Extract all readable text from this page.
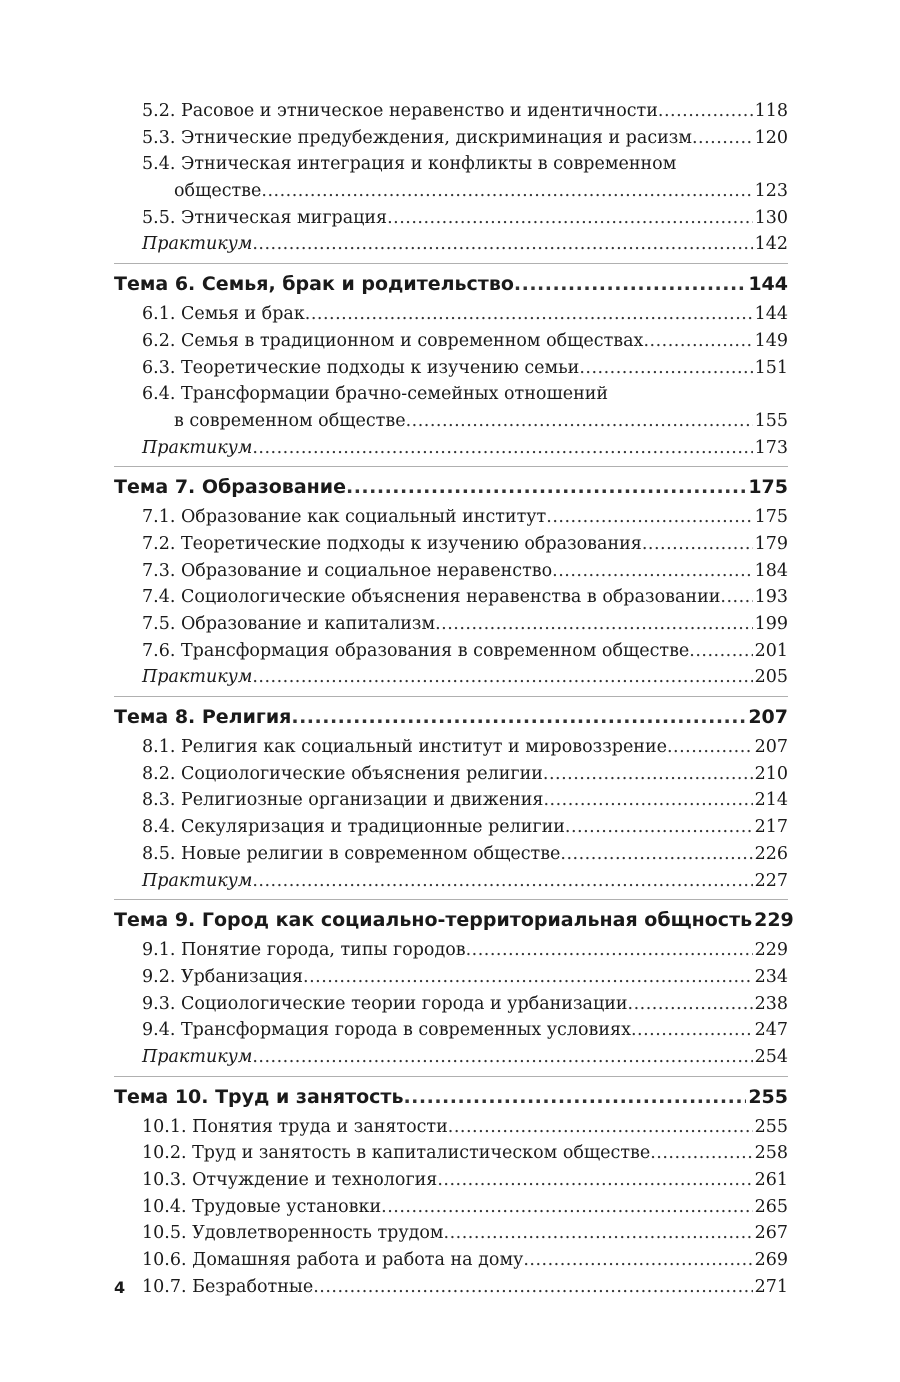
5.2. Расовое и этническое неравенство и идентичности .....	118
5.3. Этнические предубеждения, дискриминация и расизм .....	120
5.4. Этническая интеграция и конфликты в современном
обществе .....	123
5.5. Этническая миграция .....	130
Практикум .....	142
Тема 6. Семья, брак и родительство .....	144
6.1. Семья и брак .....	144
6.2. Семья в традиционном и современном обществах .....	149
6.3. Теоретические подходы к изучению семьи .....	151
6.4. Трансформации брачно-семейных отношений
в современном обществе .....	155
Практикум .....	173
Тема 7. Образование .....	175
7.1. Образование как социальный институт .....	175
7.2. Теоретические подходы к изучению образования .....	179
7.3. Образование и социальное неравенство .....	184
7.4. Социологические объяснения неравенства в образовании ..... 193
7.5. Образование и капитализм .....	199
7.6. Трансформация образования в современном обществе .....	201
Практикум .....	205
Тема 8. Религия .....	207
8.1. Религия как социальный институт и мировоззрение .....	207
8.2. Социологические объяснения религии .....	210
8.3. Религиозные организации и движения .....	214
8.4. Секуляризация и традиционные религии .....	217
8.5. Новые религии в современном обществе .....	226
Практикум .....	227
Тема 9. Город как социально-территориальная общность 229
9.1. Понятие города, типы городов .....	229
9.2. Урбанизация .....	234
9.3. Социологические теории города и урбанизации .....	238
9.4. Трансформация города в современных условиях .....	247
Практикум .....	254
Тема 10. Труд и занятость .....	255
10.1. Понятия труда и занятости .....	255
10.2. Труд и занятость в капиталистическом обществе .....	258
10.3. Отчуждение и технология .....	261
10.4. Трудовые установки .....	265
10.5. Удовлетворенность трудом .....	267
10.6. Домашняя работа и работа на дому .....	269
10.7. Безработные .....	271
4
